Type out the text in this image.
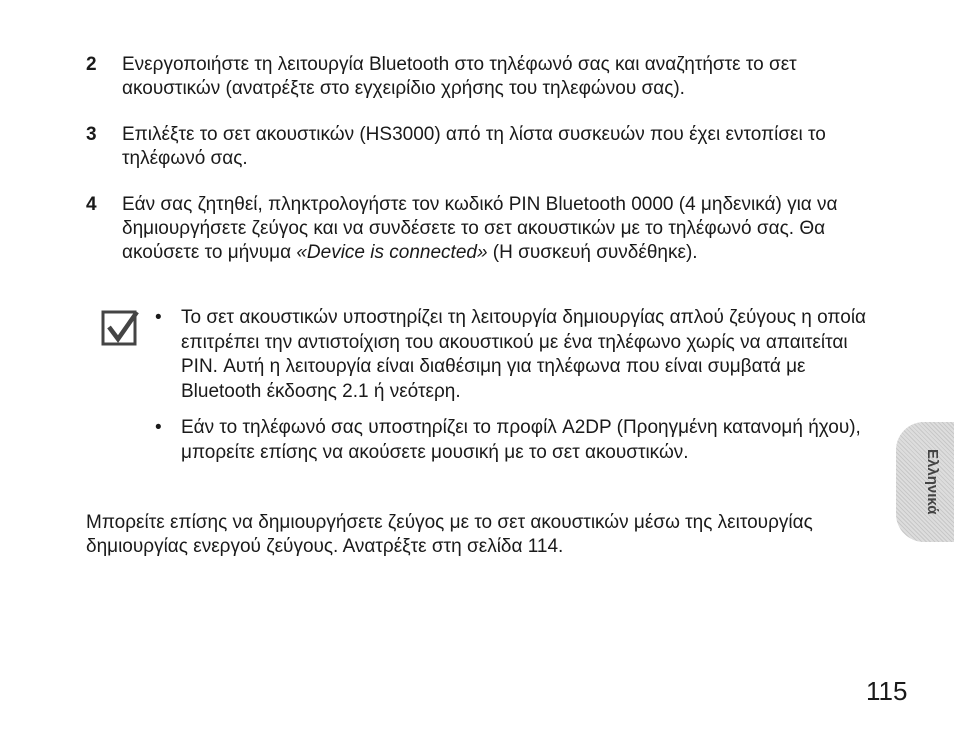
2 Ενεργοποιήστε τη λειτουργία Bluetooth στο τηλέφωνό σας και αναζητήστε το σετ ακουστικών (ανατρέξτε στο εγχειρίδιο χρήσης του τηλεφώνου σας).
3 Επιλέξτε το σετ ακουστικών (HS3000) από τη λίστα συσκευών που έχει εντοπίσει το τηλέφωνό σας.
4 Εάν σας ζητηθεί, πληκτρολογήστε τον κωδικό PIN Bluetooth 0000 (4 μηδενικά) για να δημιουργήσετε ζεύγος και να συνδέσετε το σετ ακουστικών με το τηλέφωνό σας. Θα ακούσετε το μήνυμα «Device is connected» (Η συσκευή συνδέθηκε).
• Το σετ ακουστικών υποστηρίζει τη λειτουργία δημιουργίας απλού ζεύγους η οποία επιτρέπει την αντιστοίχιση του ακουστικού με ένα τηλέφωνο χωρίς να απαιτείται PIN. Αυτή η λειτουργία είναι διαθέσιμη για τηλέφωνα που είναι συμβατά με Bluetooth έκδοσης 2.1 ή νεότερη.
• Εάν το τηλέφωνό σας υποστηρίζει το προφίλ A2DP (Προηγμένη κατανομή ήχου), μπορείτε επίσης να ακούσετε μουσική με το σετ ακουστικών.
Μπορείτε επίσης να δημιουργήσετε ζεύγος με το σετ ακουστικών μέσω της λειτουργίας δημιουργίας ενεργού ζεύγους. Ανατρέξτε στη σελίδα 114.
Ελληνικά
115
